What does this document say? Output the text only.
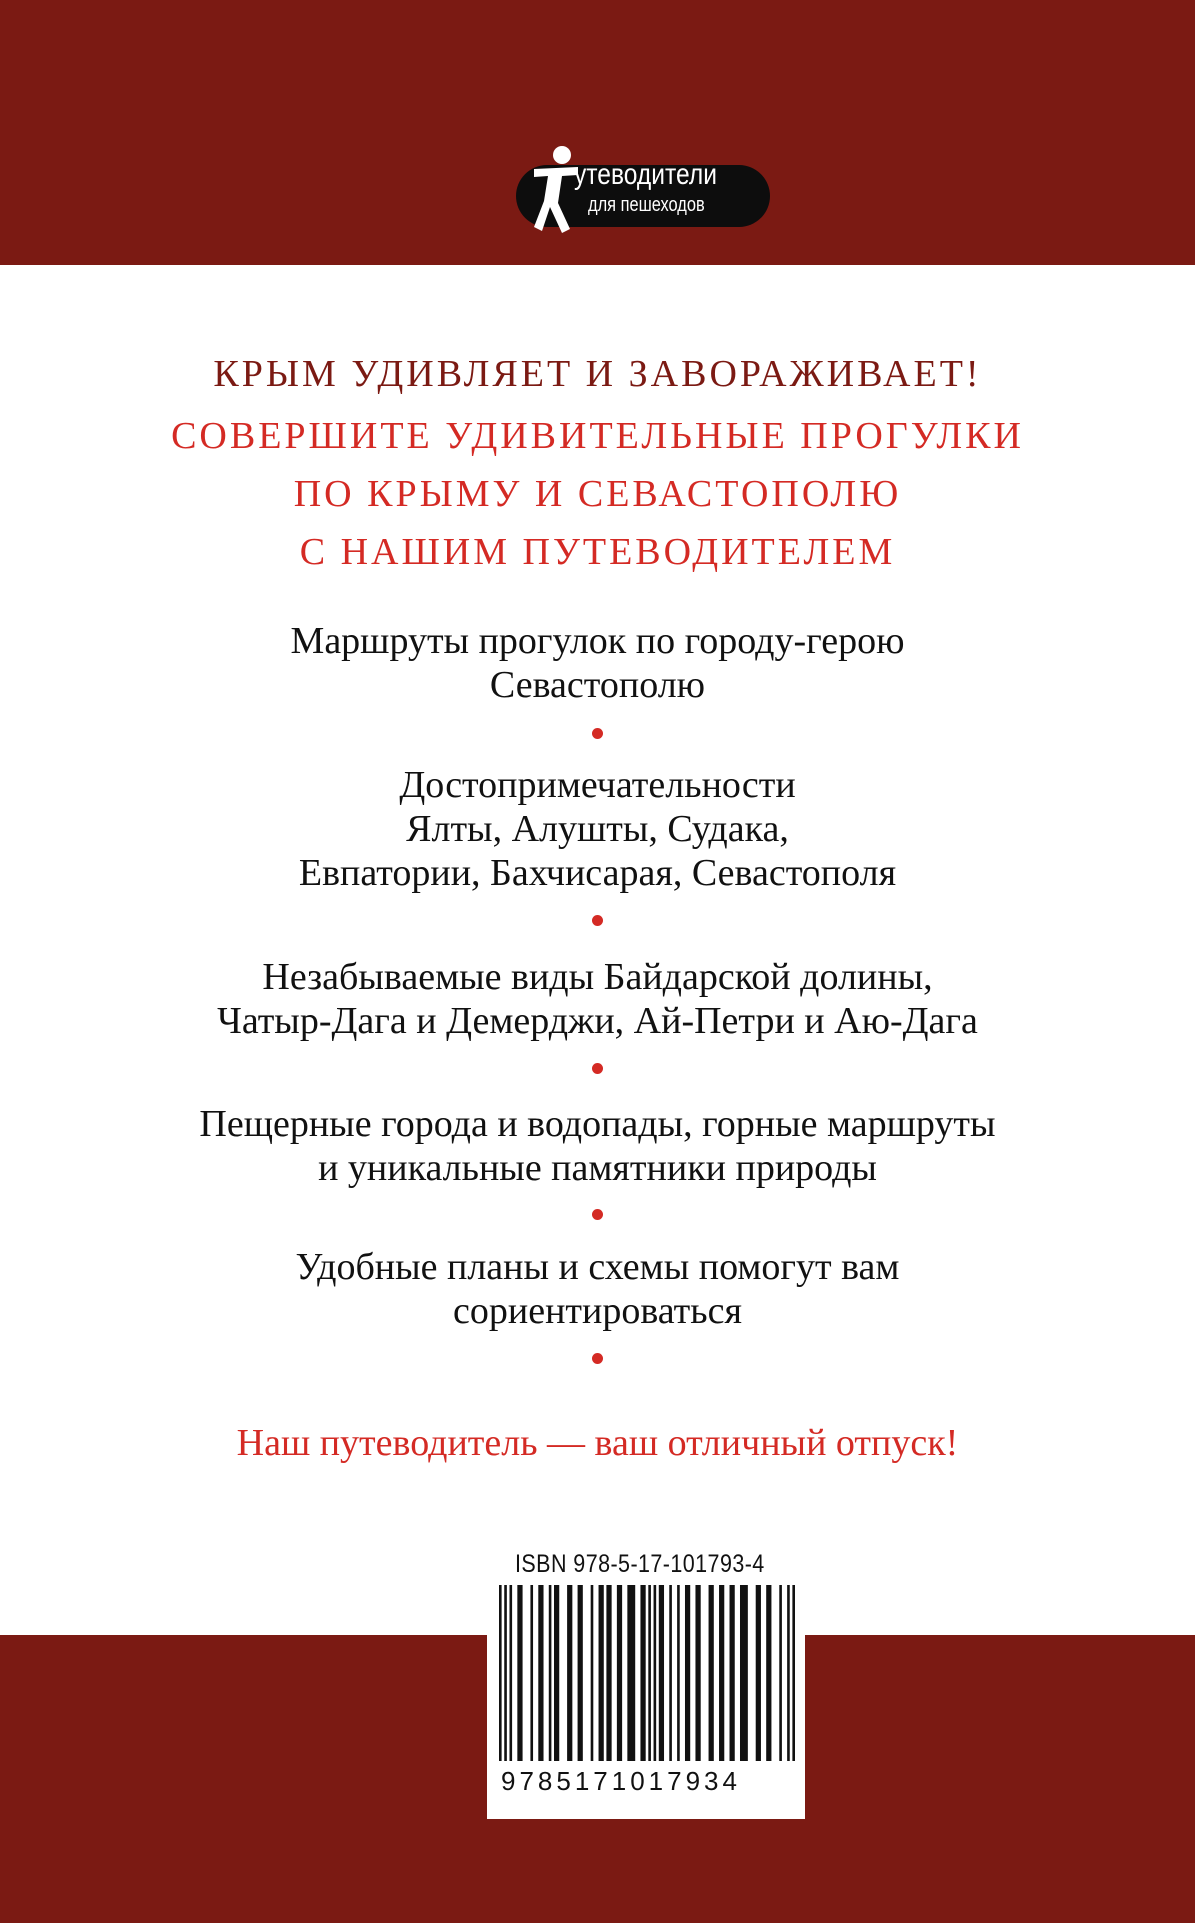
утеводители
для пешеходов
КРЫМ УДИВЛЯЕТ И ЗАВОРАЖИВАЕТ!
СОВЕРШИТЕ УДИВИТЕЛЬНЫЕ ПРОГУЛКИ
ПО КРЫМУ И СЕВАСТОПОЛЮ
С НАШИМ ПУТЕВОДИТЕЛЕМ
Маршруты прогулок по городу-герою
Севастополю
Достопримечательности
Ялты, Алушты, Судака,
Евпатории, Бахчисарая, Севастополя
Незабываемые виды Байдарской долины,
Чатыр-Дага и Демерджи, Ай-Петри и Аю-Дага
Пещерные города и водопады, горные маршруты
и уникальные памятники природы
Удобные планы и схемы помогут вам
сориентироваться
Наш путеводитель — ваш отличный отпуск!
ISBN 978-5-17-101793-4
9785171017934
